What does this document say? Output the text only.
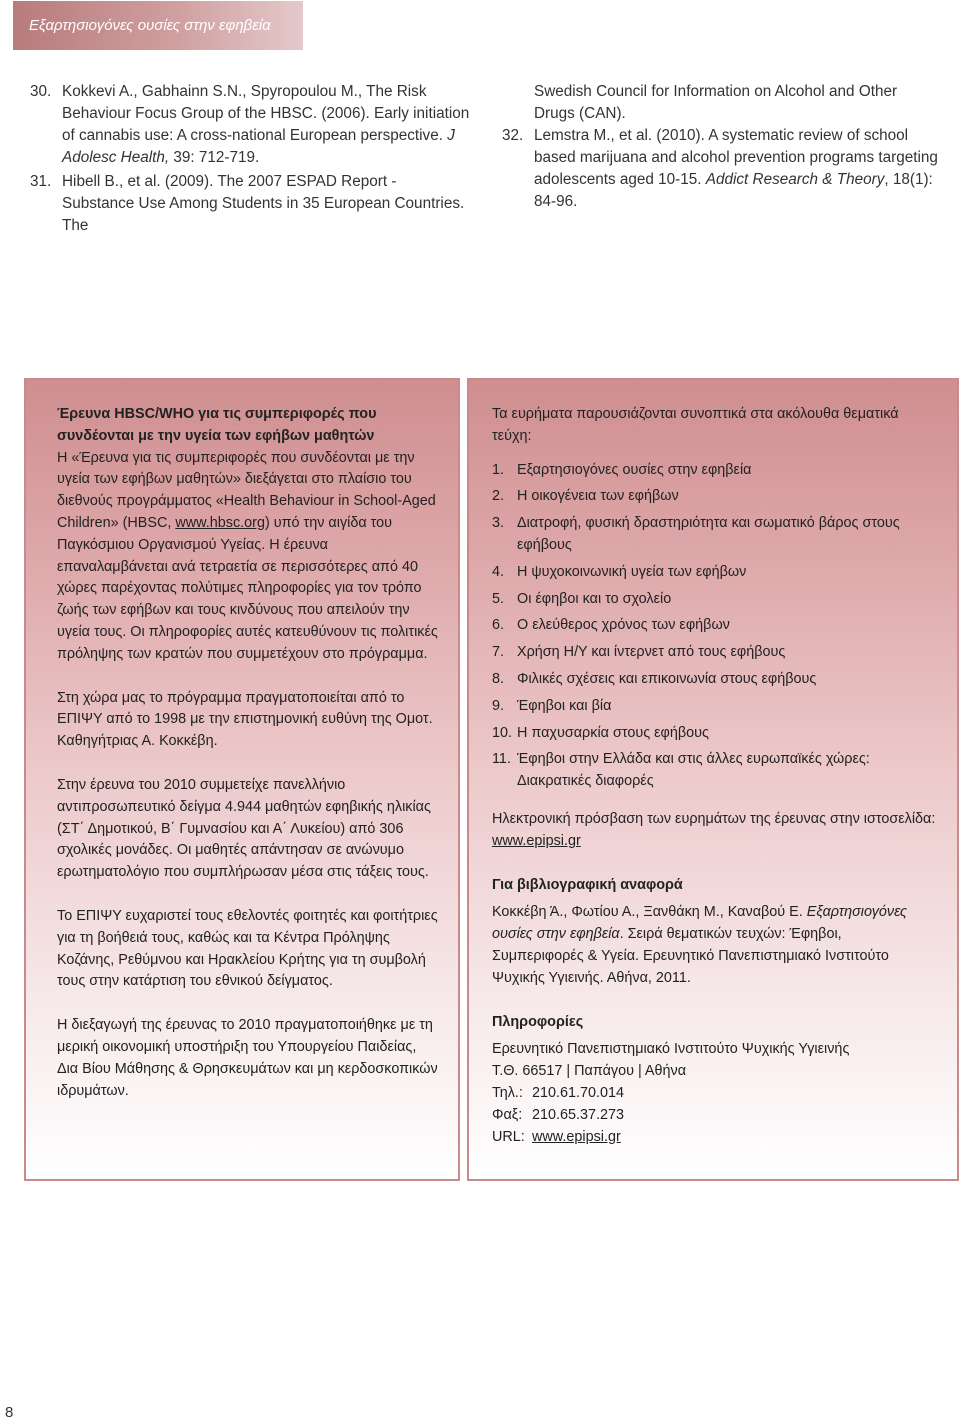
Εξαρτησιογόνες ουσίες στην εφηβεία
30. Kokkevi A., Gabhainn S.N., Spyropoulou M., The Risk Behaviour Focus Group of the HBSC. (2006). Early initiation of cannabis use: A cross-national European perspective. J Adolesc Health, 39: 712-719.
31. Hibell B., et al. (2009). The 2007 ESPAD Report - Substance Use Among Students in 35 European Countries. The
Swedish Council for Information on Alcohol and Other Drugs (CAN).
32. Lemstra M., et al. (2010). A systematic review of school based marijuana and alcohol prevention programs targeting adolescents aged 10-15. Addict Research & Theory, 18(1): 84-96.

Έρευνα HBSC/WHO για τις συμπεριφορές που συνδέονται με την υγεία των εφήβων μαθητών

Η «Έρευνα για τις συμπεριφορές που συνδέονται με την υγεία των εφήβων μαθητών» διεξάγεται στο πλαίσιο του διεθνούς προγράμματος «Health Behaviour in School-Aged Children» (HBSC, www.hbsc.org) υπό την αιγίδα του Παγκόσμιου Οργανισμού Υγείας. Η έρευνα επαναλαμβάνεται ανά τετραετία σε περισσότερες από 40 χώρες παρέχοντας πολύτιμες πληροφορίες για τον τρόπο ζωής των εφήβων και τους κινδύνους που απειλούν την υγεία τους. Οι πληροφορίες αυτές κατευθύνουν τις πολιτικές πρόληψης των κρατών που συμμετέχουν στο πρόγραμμα.

Στη χώρα μας το πρόγραμμα πραγματοποιείται από το ΕΠΙΨΥ από το 1998 με την επιστημονική ευθύνη της Ομοτ. Καθηγήτριας Α. Κοκκέβη.

Στην έρευνα του 2010 συμμετείχε πανελλήνιο αντιπροσωπευτικό δείγμα 4.944 μαθητών εφηβικής ηλικίας (ΣΤ΄ Δημοτικού, Β΄ Γυμνασίου και Α΄ Λυκείου) από 306 σχολικές μονάδες. Οι μαθητές απάντησαν σε ανώνυμο ερωτηματολόγιο που συμπλήρωσαν μέσα στις τάξεις τους.

Το ΕΠΙΨΥ ευχαριστεί τους εθελοντές φοιτητές και φοιτήτριες για τη βοήθειά τους, καθώς και τα Κέντρα Πρόληψης Κοζάνης, Ρεθύμνου και Ηρακλείου Κρήτης για τη συμβολή τους στην κατάρτιση του εθνικού δείγματος.

Η διεξαγωγή της έρευνας το 2010 πραγματοποιήθηκε με τη μερική οικονομική υποστήριξη του Υπουργείου Παιδείας, Δια Βίου Μάθησης & Θρησκευμάτων και μη κερδοσκοπικών ιδρυμάτων.

Τα ευρήματα παρουσιάζονται συνοπτικά στα ακόλουθα θεματικά τεύχη:

1. Εξαρτησιογόνες ουσίες στην εφηβεία
2. Η οικογένεια των εφήβων
3. Διατροφή, φυσική δραστηριότητα και σωματικό βάρος στους εφήβους
4. Η ψυχοκοινωνική υγεία των εφήβων
5. Οι έφηβοι και το σχολείο
6. Ο ελεύθερος χρόνος των εφήβων
7. Χρήση Η/Υ και ίντερνετ από τους εφήβους
8. Φιλικές σχέσεις και επικοινωνία στους εφήβους
9. Έφηβοι και βία
10. Η παχυσαρκία στους εφήβους
11. Έφηβοι στην Ελλάδα και στις άλλες ευρωπαϊκές χώρες: Διακρατικές διαφορές

Ηλεκτρονική πρόσβαση των ευρημάτων της έρευνας στην ιστοσελίδα: www.epipsi.gr

Για βιβλιογραφική αναφορά

Κοκκέβη Ά., Φωτίου Α., Ξανθάκη Μ., Καναβού Ε. Εξαρτησιογόνες ουσίες στην εφηβεία. Σειρά θεματικών τευχών: Έφηβοι, Συμπεριφορές & Υγεία. Ερευνητικό Πανεπιστημιακό Ινστιτούτο Ψυχικής Υγιεινής. Αθήνα, 2011.

Πληροφορίες

Ερευνητικό Πανεπιστημιακό Ινστιτούτο Ψυχικής Υγιεινής

Τ.Θ. 66517 | Παπάγου | Αθήνα

Τηλ.: 210.61.70.014

Φαξ: 210.65.37.273

URL: www.epipsi.gr

8
